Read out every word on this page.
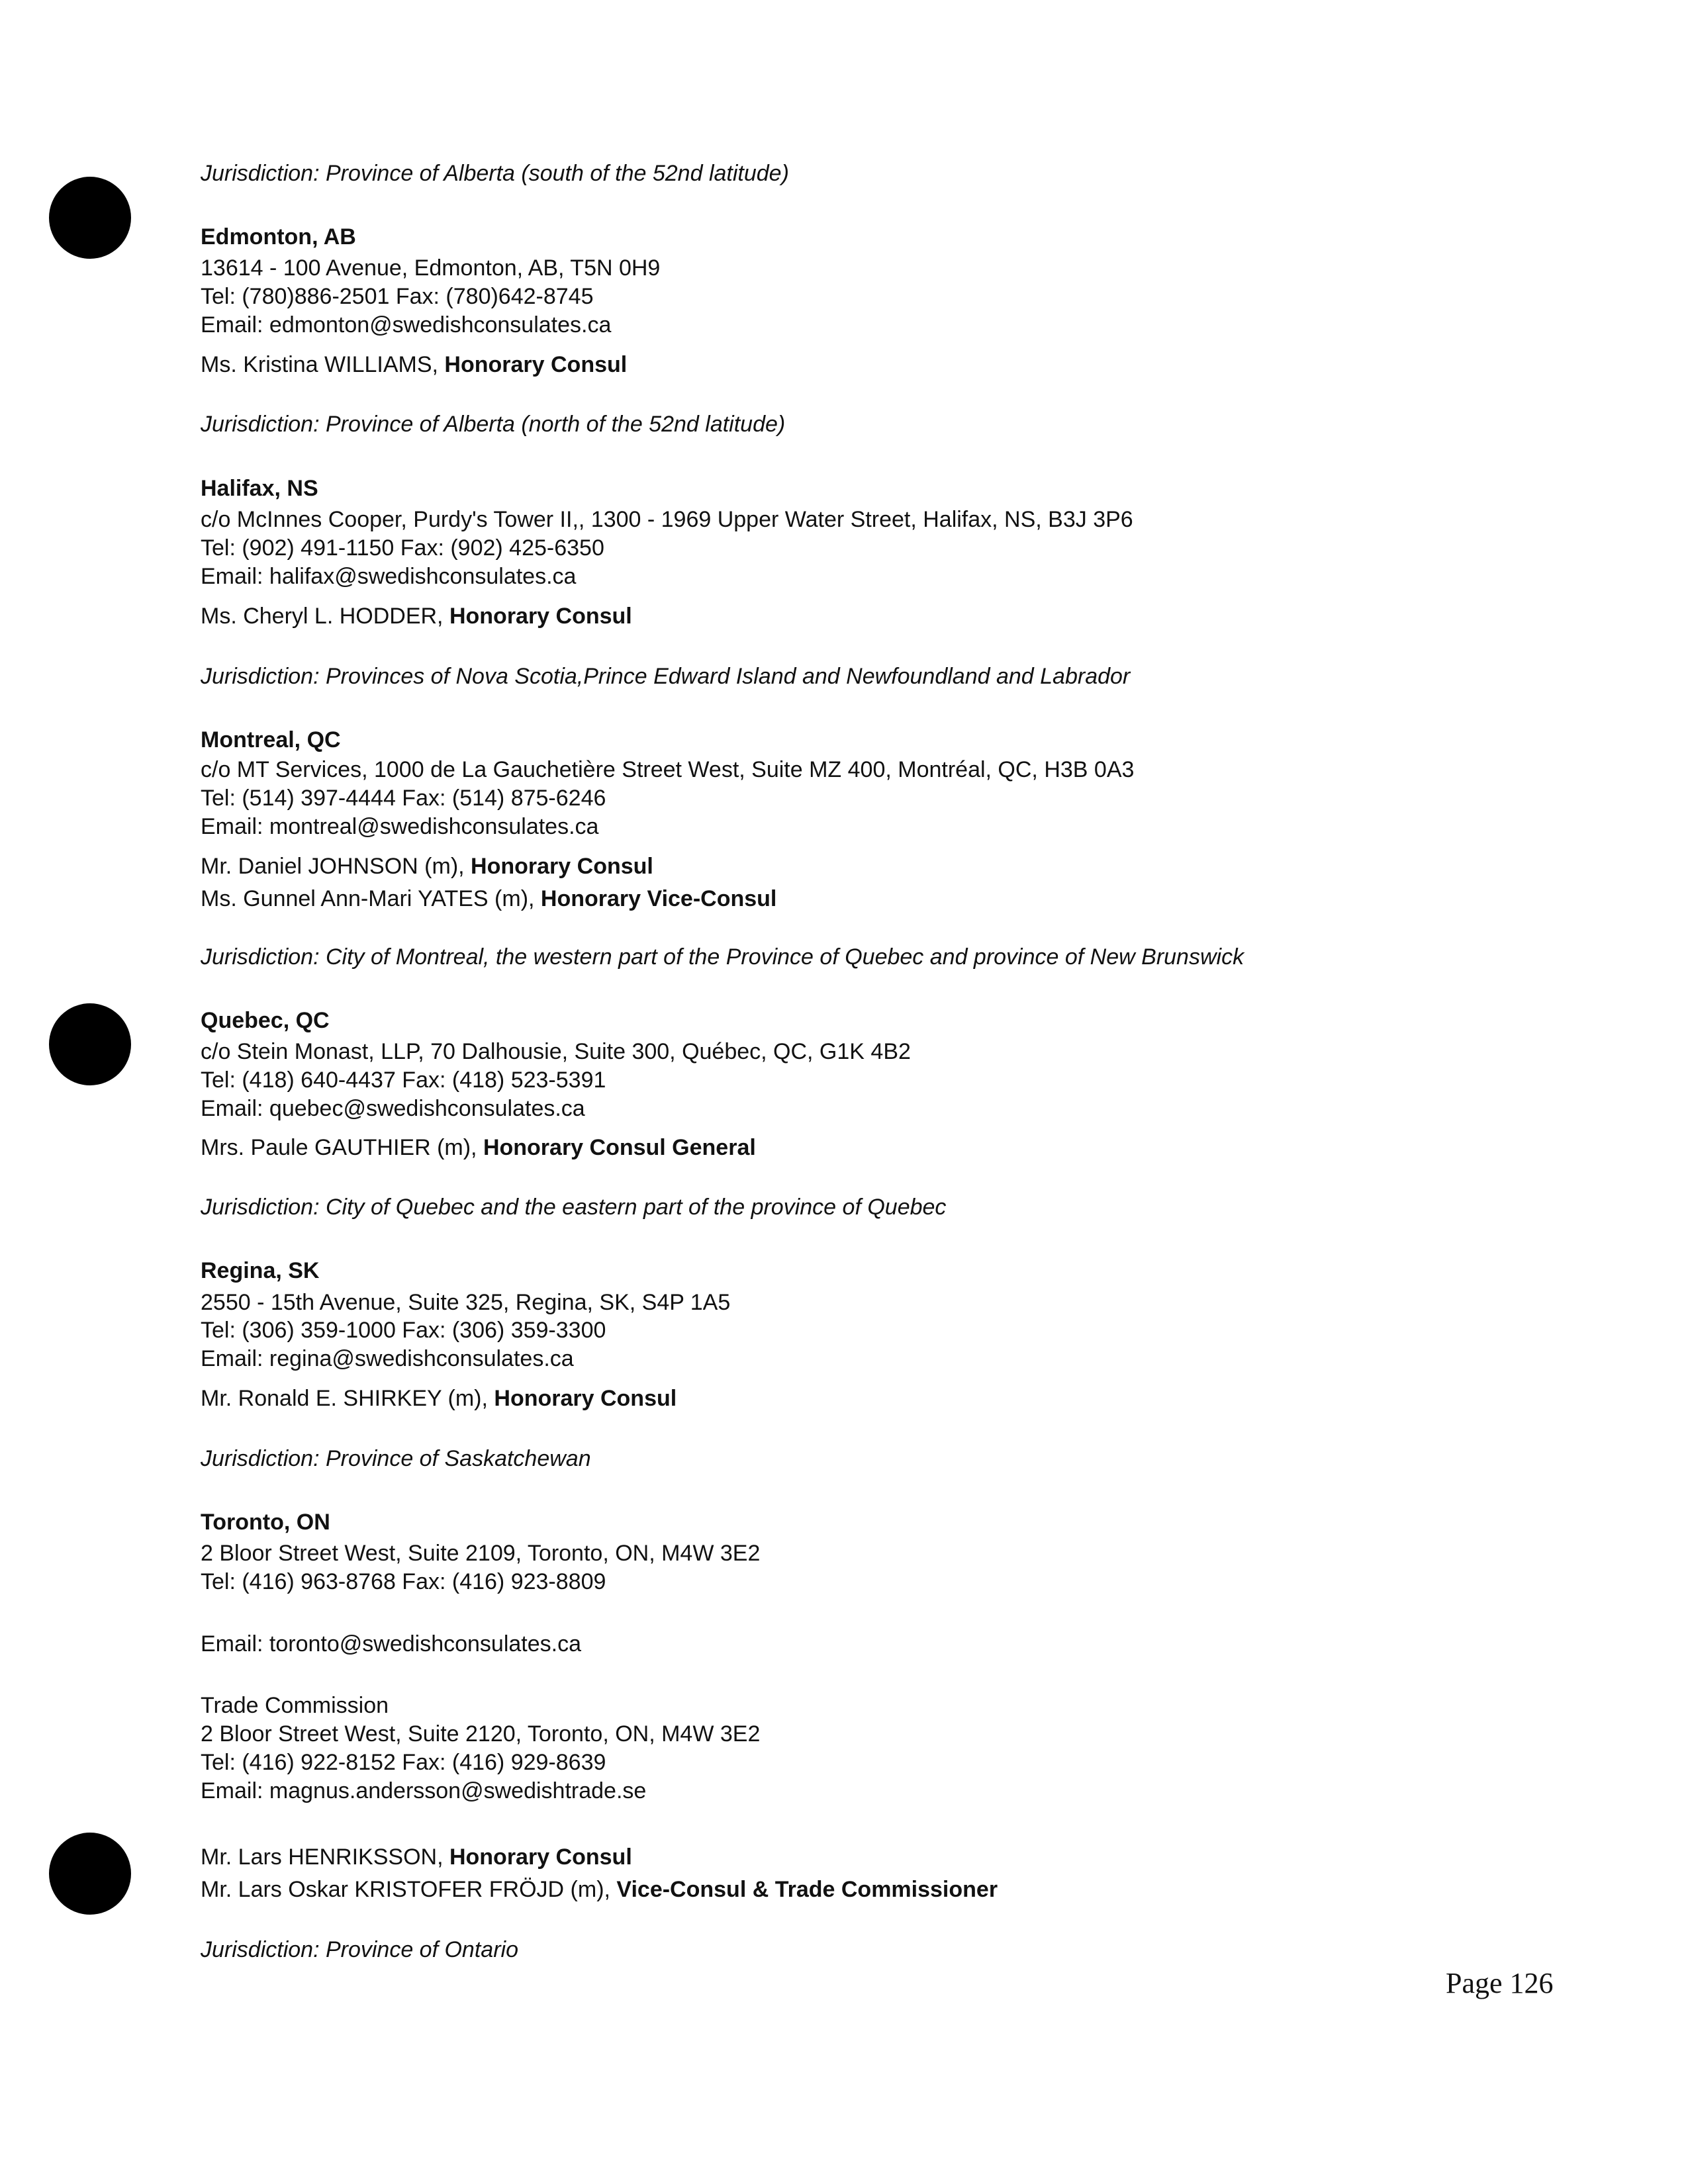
Jurisdiction: Province of Alberta (south of the 52nd latitude)
Edmonton, AB
13614 - 100 Avenue, Edmonton, AB, T5N 0H9
Tel: (780)886-2501 Fax: (780)642-8745
Email: edmonton@swedishconsulates.ca
Ms. Kristina WILLIAMS, Honorary Consul
Jurisdiction: Province of Alberta (north of the 52nd latitude)
Halifax, NS
c/o McInnes Cooper, Purdy's Tower II,, 1300 - 1969 Upper Water Street, Halifax, NS, B3J 3P6
Tel: (902) 491-1150 Fax: (902) 425-6350
Email: halifax@swedishconsulates.ca
Ms. Cheryl L. HODDER, Honorary Consul
Jurisdiction: Provinces of Nova Scotia,Prince Edward Island and Newfoundland and Labrador
Montreal, QC
c/o MT Services, 1000 de La Gauchetière Street West, Suite MZ 400, Montréal, QC, H3B 0A3
Tel: (514) 397-4444 Fax: (514) 875-6246
Email: montreal@swedishconsulates.ca
Mr. Daniel JOHNSON (m), Honorary Consul
Ms. Gunnel Ann-Mari YATES (m), Honorary Vice-Consul
Jurisdiction: City of Montreal, the western part of the Province of Quebec and province of New Brunswick
Quebec, QC
c/o Stein Monast, LLP, 70 Dalhousie, Suite 300, Québec, QC, G1K 4B2
Tel: (418) 640-4437 Fax: (418) 523-5391
Email: quebec@swedishconsulates.ca
Mrs. Paule GAUTHIER (m), Honorary Consul General
Jurisdiction: City of Quebec and the eastern part of the province of Quebec
Regina, SK
2550 - 15th Avenue, Suite 325, Regina, SK, S4P 1A5
Tel: (306) 359-1000 Fax: (306) 359-3300
Email: regina@swedishconsulates.ca
Mr. Ronald E. SHIRKEY (m), Honorary Consul
Jurisdiction: Province of Saskatchewan
Toronto, ON
2 Bloor Street West, Suite 2109, Toronto, ON, M4W 3E2
Tel: (416) 963-8768 Fax: (416) 923-8809
Email: toronto@swedishconsulates.ca
Trade Commission
2 Bloor Street West, Suite 2120, Toronto, ON, M4W 3E2
Tel: (416) 922-8152 Fax: (416) 929-8639
Email: magnus.andersson@swedishtrade.se
Mr. Lars HENRIKSSON, Honorary Consul
Mr. Lars Oskar KRISTOFER FRÖJD (m), Vice-Consul & Trade Commissioner
Jurisdiction: Province of Ontario
Page 126
